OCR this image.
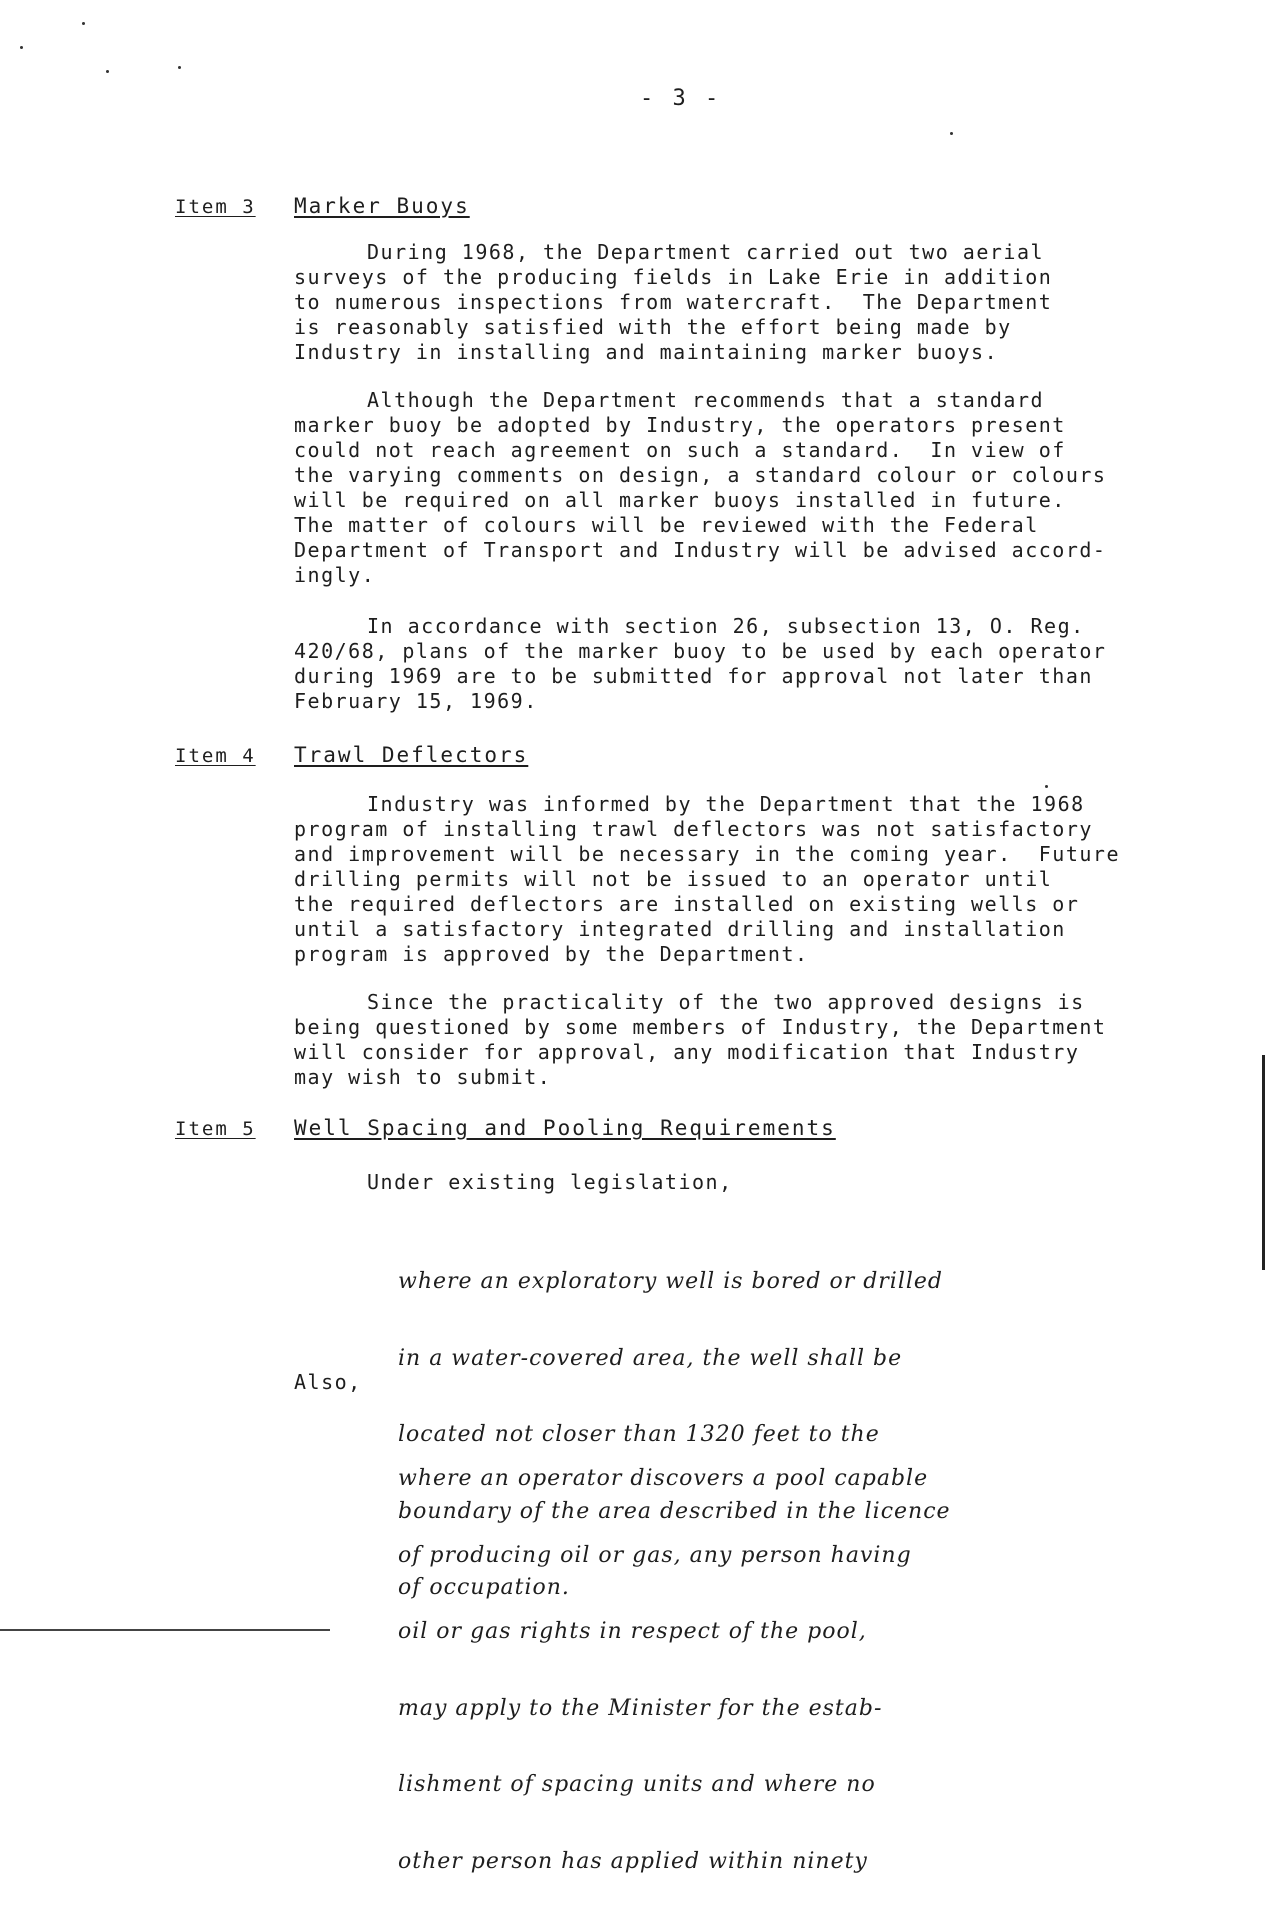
- 3 -
Item 3 Marker Buoys
During 1968, the Department carried out two aerial
surveys of the producing fields in Lake Erie in addition
to numerous inspections from watercraft.  The Department
is reasonably satisfied with the effort being made by
Industry in installing and maintaining marker buoys.
Although the Department recommends that a standard
marker buoy be adopted by Industry, the operators present
could not reach agreement on such a standard.  In view of
the varying comments on design, a standard colour or colours
will be required on all marker buoys installed in future.
The matter of colours will be reviewed with the Federal
Department of Transport and Industry will be advised accord-
ingly.
In accordance with section 26, subsection 13, O. Reg.
420/68, plans of the marker buoy to be used by each operator
during 1969 are to be submitted for approval not later than
February 15, 1969.
Item 4 Trawl Deflectors
Industry was informed by the Department that the 1968
program of installing trawl deflectors was not satisfactory
and improvement will be necessary in the coming year.  Future
drilling permits will not be issued to an operator until
the required deflectors are installed on existing wells or
until a satisfactory integrated drilling and installation
program is approved by the Department.
Since the practicality of the two approved designs is
being questioned by some members of Industry, the Department
will consider for approval, any modification that Industry
may wish to submit.
Item 5 Well Spacing and Pooling Requirements
Under existing legislation,

where an exploratory well is bored or drilled

in a water-covered area, the well shall be

located not closer than 1320 feet to the

boundary of the area described in the licence

of occupation.

Also,

where an operator discovers a pool capable

of producing oil or gas, any person having

oil or gas rights in respect of the pool,

may apply to the Minister for the estab-

lishment of spacing units and where no

other person has applied within ninety
